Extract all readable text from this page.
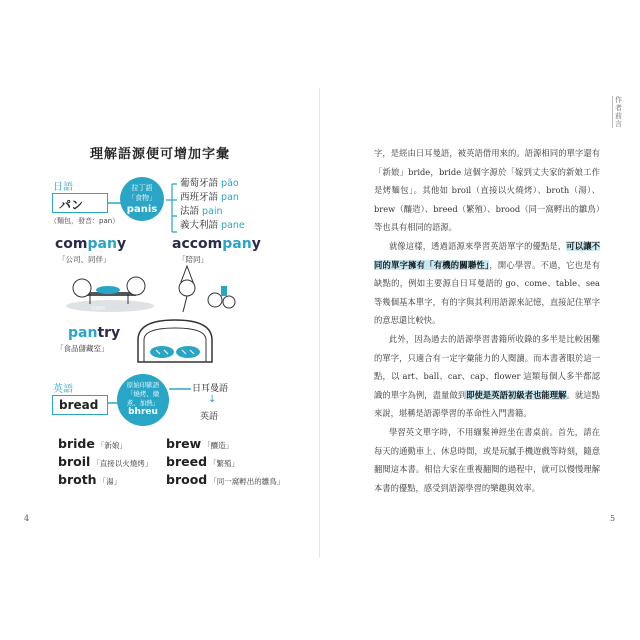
理解語源便可增加字彙
日語
パン
（麵包，發音：pan）
拉丁語
「食物」
panis
葡萄牙語 pão
西班牙語 pan
法語 pain
義大利語 pane
company
「公司、同伴」
accompany
「陪同」
com
pantry
「食品儲藏室」
英語
bread
原始印歐語
「燒烤、燉
煮、加熱」
bhreu
日耳曼語
↓
英語
bride 「新娘」	brew 「釀造」
broil 「直接以火燒烤」 breed 「繁殖」
broth 「湯」	brood 「同一窩孵出的雛鳥」
4
作者前言

字，是經由日耳曼語，被英語借用來的。語源相同的單字還有「新娘」bride，bride 這個字源於「嫁到丈夫家的新娘工作是烤麵包」。其他如 broil（直接以火燒烤）、broth（湯）、brew（釀造）、breed（繁殖）、brood（同一窩孵出的雛鳥）等也具有相同的語源。

就像這樣，透過語源來學習英語單字的優點是，可以讓不同的單字擁有「有機的關聯性」，開心學習。不過，它也是有缺點的，例如主要源自日耳曼語的 go、come、table、sea 等幾個基本單字，有的字與其利用語源來記憶，直接記住單字的意思還比較快。

此外，因為過去的語源學習書籍所收錄的多半是比較困難的單字，只適合有一定字彙能力的人閱讀。而本書著眼於這一點，以 art、ball、car、cap、flower 這類每個人多半都認識的單字為例，盡量做到即使是英語初級者也能理解。就這點來說，堪稱是語源學習的革命性入門書籍。

學習英文單字時，不用繃緊神經坐在書桌前。首先，請在每天的通勤車上、休息時間，或是玩膩手機遊戲等時刻，隨意翻閱這本書。相信大家在重複翻閱的過程中，就可以慢慢理解本書的優點，感受到語源學習的樂趣與效率。

5
